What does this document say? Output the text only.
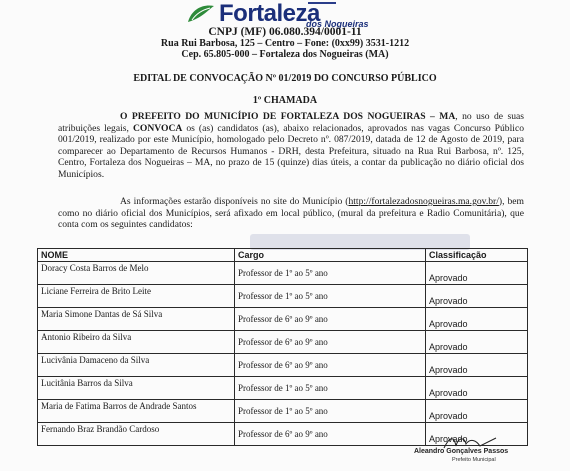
Fortaleza
dos Nogueiras
CNPJ (MF) 06.080.394/0001-11
Rua Rui Barbosa, 125 – Centro – Fone: (0xx99) 3531-1212
Cep. 65.805-000 – Fortaleza dos Nogueiras (MA)
EDITAL DE CONVOCAÇÃO Nº 01/2019 DO CONCURSO PÚBLICO
1º CHAMADA
O PREFEITO DO MUNICÍPIO DE FORTALEZA DOS NOGUEIRAS – MA, no uso de suas atribuições legais, CONVOCA os (as) candidatos (as), abaixo relacionados, aprovados nas vagas Concurso Público 001/2019, realizado por este Município, homologado pelo Decreto nº. 087/2019, datada de 12 de Agosto de 2019, para comparecer ao Departamento de Recursos Humanos - DRH, desta Prefeitura, situado na Rua Rui Barbosa, nº. 125, Centro, Fortaleza dos Nogueiras – MA, no prazo de 15 (quinze) dias úteis, a contar da publicação no diário oficial dos Municípios.
As informações estarão disponíveis no site do Município (http://fortalezadosnogueiras.ma.gov.br/), bem como no diário oficial dos Municípios, será afixado em local público, (mural da prefeitura e Radio Comunitária), que conta com os seguintes candidatos:
NOME	Cargo	Classificação
Doracy Costa Barros de Melo	Professor de 1º ao 5º ano	Aprovado
Liciane Ferreira de Brito Leite	Professor de 1º ao 5º ano	Aprovado
Maria Simone Dantas de Sá Silva	Professor de 6º ao 9º ano	Aprovado
Antonio Ribeiro da Silva	Professor de 6º ao 9º ano	Aprovado
Lucivânia Damaceno da Silva	Professor de 6º ao 9º ano	Aprovado
Lucitânia Barros da Silva	Professor de 1º ao 5º ano	Aprovado
Maria de Fatima Barros de Andrade Santos	Professor de 1º ao 5º ano	Aprovado
Fernando Braz Brandão Cardoso	Professor de 6º ao 9º ano	Aprovado
Aleandro Gonçalves Passos
Prefeito Municipal
